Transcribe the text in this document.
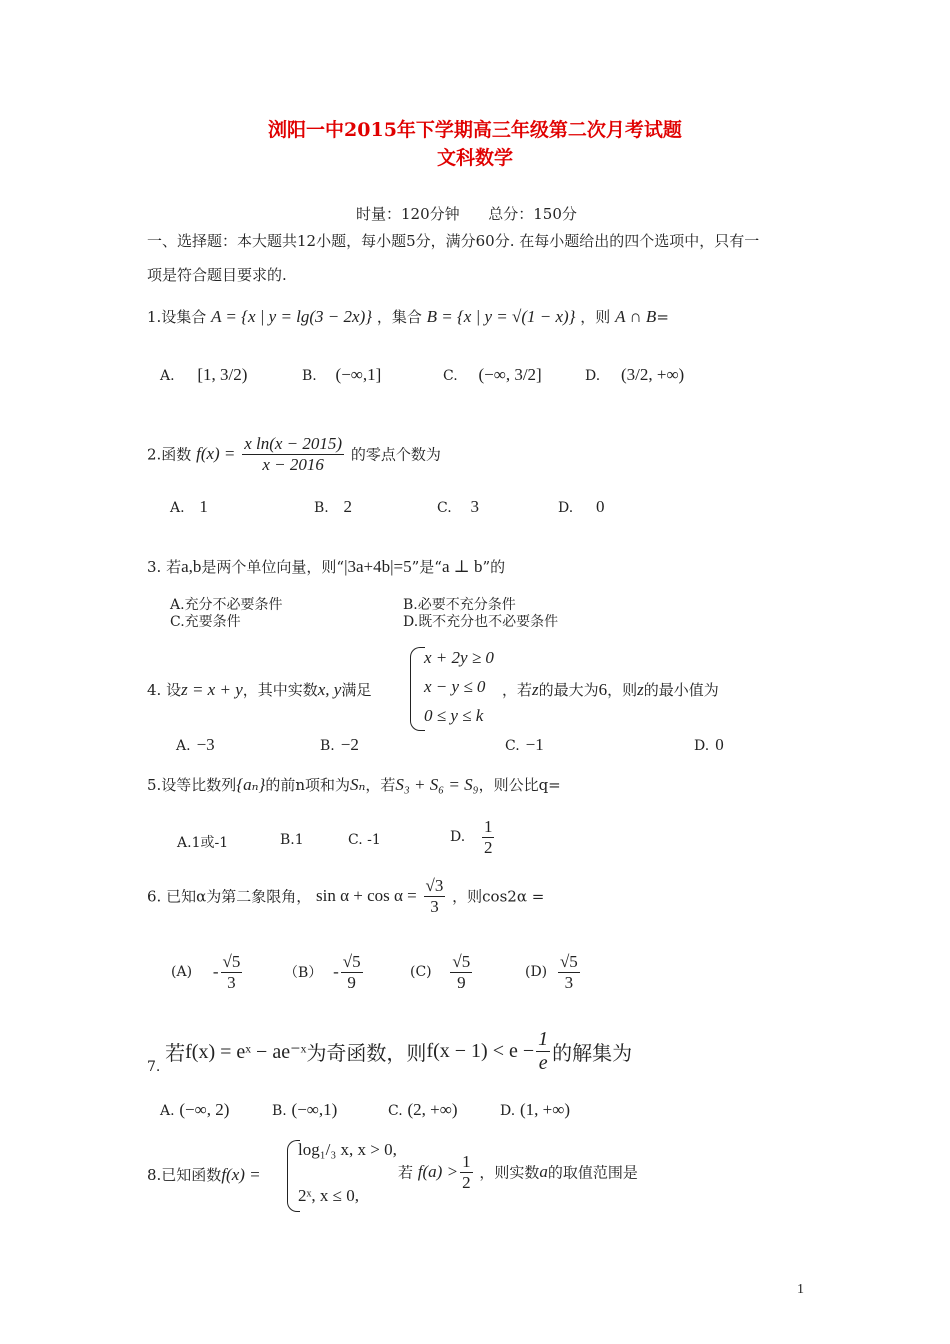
浏阳一中2015年下学期高三年级第二次月考试题
文科数学
时量：120分钟      总分：150分
一、选择题：本大题共12小题，每小题5分，满分60分. 在每小题给出的四个选项中，只有一
项是符合题目要求的.
1.设集合 A = {x | y = lg(3 − 2x)} ，集合 B = {x | y = √(1 − x)} ，则 A ∩ B=
A. [1, 3/2)	B. (−∞,1]	C. (−∞, 3/2]	D. (3/2, +∞)
2.函数 $f(x) = \frac{\text{x ln(x − 2015)}}{x - 2016}$ 的零点个数为
A. 1	B. 2	C. 3	D. 0
3. 若a,b是两个单位向量，则“|3a+4b|=5”是“a ⊥ b”的
A.充分不必要条件	B.必要不充分条件
C.充要条件	D.既不充分也不必要条件
4. 设z = x + y，其中实数x, y满足
x + 2y ≥ 0
x − y ≤ 0
0 ≤ y ≤ k
，若z的最大为6，则z的最小值为
A. −3	B. −2	C. −1	D. 0
5.设等比数列{aₙ}的前n项和为Sₙ，若S₃ + S₆ = S₉，则公比q=
A.1或-1	B.1	C. -1	D. $\frac{1}{2}$
6. 已知α为第二象限角， $\sin \alpha + \cos \alpha = \frac{√3}{3}$ ，则cos2α =
$(A) - \frac{√5}{3}$	$(B) - \frac{√5}{9}$	$(C) \frac{√5}{9}$	$(D) \frac{√5}{3}$
7. 若f(x) = eˣ − ae⁻ˣ为奇函数，则$f(x - 1) < e - \frac{1}{e}$ 的解集为
A. (−∞, 2)	B. (−∞,1)	C. (2, +∞)	D. (1, +∞)
8.已知函数f(x) =
log₁/₃ x, x > 0,
2ˣ, x ≤ 0,
若 $f(a) > \frac{1}{2}$ ，则实数a的取值范围是
1
